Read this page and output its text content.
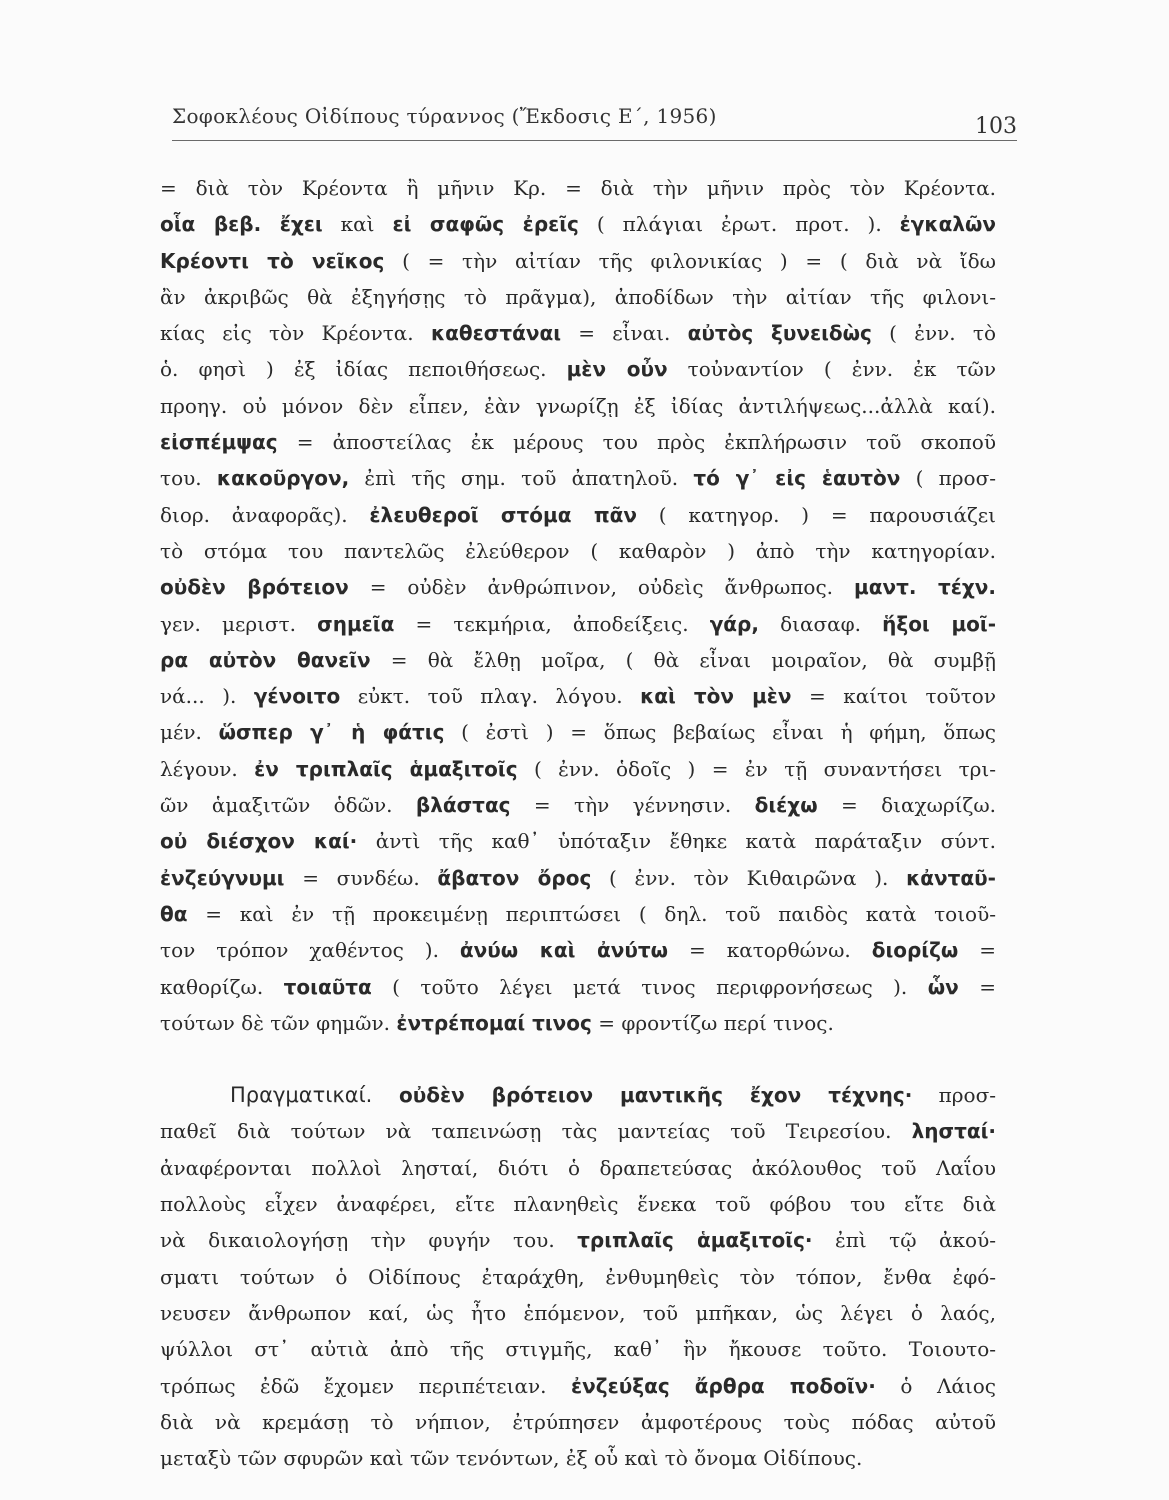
Σοφοκλέους Οἰδίπους τύραννος (Ἔκδοσις Ε΄, 1956)	103
= διὰ τὸν Κρέοντα ἢ μῆνιν Κρ. = διὰ τὴν μῆνιν πρὸς τὸν Κρέοντα.
οἷα βεβ. ἔχει καὶ εἰ σαφῶς ἐρεῖς ( πλάγιαι ἐρωτ. προτ. ). ἐγκαλῶν
Κρέοντι τὸ νεῖκος ( = τὴν αἰτίαν τῆς φιλονικίας ) = ( διὰ νὰ ἴδω
ἂν ἀκριβῶς θὰ ἐξηγήσῃς τὸ πρᾶγμα), ἀποδίδων τὴν αἰτίαν τῆς φιλονι-
κίας εἰς τὸν Κρέοντα. καθεστάναι = εἶναι. αὐτὸς ξυνειδὼς ( ἐνν. τὸ
ὁ. φησὶ ) ἐξ ἰδίας πεποιθήσεως. μὲν οὖν τοὐναντίον ( ἐνν. ἐκ τῶν
προηγ. οὐ μόνον δὲν εἶπεν, ἐὰν γνωρίζῃ ἐξ ἰδίας ἀντιλήψεως...ἀλλὰ καί).
εἰσπέμψας = ἀποστείλας ἐκ μέρους του πρὸς ἐκπλήρωσιν τοῦ σκοποῦ
του. κακοῦργον, ἐπὶ τῆς σημ. τοῦ ἀπατηλοῦ. τό γ᾽ εἰς ἑαυτὸν ( προσ-
διορ. ἀναφορᾶς). ἐλευθεροῖ στόμα πᾶν ( κατηγορ. ) = παρουσιάζει
τὸ στόμα του παντελῶς ἐλεύθερον ( καθαρὸν ) ἀπὸ τὴν κατηγορίαν.
οὐδὲν βρότειον = οὐδὲν ἀνθρώπινον, οὐδεὶς ἄνθρωπος. μαντ. τέχν.
γεν. μεριστ. σημεῖα = τεκμήρια, ἀποδείξεις. γάρ, διασαφ. ἥξοι μοῖ-
ρα αὐτὸν θανεῖν = θὰ ἔλθῃ μοῖρα, ( θὰ εἶναι μοιραῖον, θὰ συμβῇ
νά... ). γένοιτο εὐκτ. τοῦ πλαγ. λόγου. καὶ τὸν μὲν = καίτοι τοῦτον
μέν. ὥσπερ γ᾽ ἡ φάτις ( ἐστὶ ) = ὅπως βεβαίως εἶναι ἡ φήμη, ὅπως
λέγουν. ἐν τριπλαῖς ἁμαξιτοῖς ( ἐνν. ὁδοῖς ) = ἐν τῇ συναντήσει τρι-
ῶν ἁμαξιτῶν ὁδῶν. βλάστας = τὴν γέννησιν. διέχω = διαχωρίζω.
οὐ διέσχον καί· ἀντὶ τῆς καθ᾽ ὑπόταξιν ἔθηκε κατὰ παράταξιν σύντ.
ἐνζεύγνυμι = συνδέω. ἄβατον ὄρος ( ἐνν. τὸν Κιθαιρῶνα ). κἀνταῦ-
θα = καὶ ἐν τῇ προκειμένῃ περιπτώσει ( δηλ. τοῦ παιδὸς κατὰ τοιοῦ-
τον τρόπον χαθέντος ). ἀνύω καὶ ἀνύτω = κατορθώνω. διορίζω =
καθορίζω. τοιαῦτα ( τοῦτο λέγει μετά τινος περιφρονήσεως ). ὧν =
τούτων δὲ τῶν φημῶν. ἐντρέπομαί τινος = φροντίζω περί τινος.
Πραγματικαί. οὐδὲν βρότειον μαντικῆς ἔχον τέχνης· προσ-
παθεῖ διὰ τούτων νὰ ταπεινώσῃ τὰς μαντείας τοῦ Τειρεσίου. λησταί·
ἀναφέρονται πολλοὶ λησταί, διότι ὁ δραπετεύσας ἀκόλουθος τοῦ Λαΐου
πολλοὺς εἶχεν ἀναφέρει, εἴτε πλανηθεὶς ἕνεκα τοῦ φόβου του εἴτε διὰ
νὰ δικαιολογήσῃ τὴν φυγήν του. τριπλαῖς ἁμαξιτοῖς· ἐπὶ τῷ ἀκού-
σματι τούτων ὁ Οἰδίπους ἐταράχθη, ἐνθυμηθεὶς τὸν τόπον, ἔνθα ἐφό-
νευσεν ἄνθρωπον καί, ὡς ἦτο ἑπόμενον, τοῦ μπῆκαν, ὡς λέγει ὁ λαός,
ψύλλοι στ᾽ αὐτιὰ ἀπὸ τῆς στιγμῆς, καθ᾽ ἣν ἤκουσε τοῦτο. Τοιουτο-
τρόπως ἐδῶ ἔχομεν περιπέτειαν. ἐνζεύξας ἄρθρα ποδοῖν· ὁ Λάιος
διὰ νὰ κρεμάσῃ τὸ νήπιον, ἐτρύπησεν ἀμφοτέρους τοὺς πόδας αὐτοῦ
μεταξὺ τῶν σφυρῶν καὶ τῶν τενόντων, ἐξ οὗ καὶ τὸ ὄνομα Οἰδίπους.
